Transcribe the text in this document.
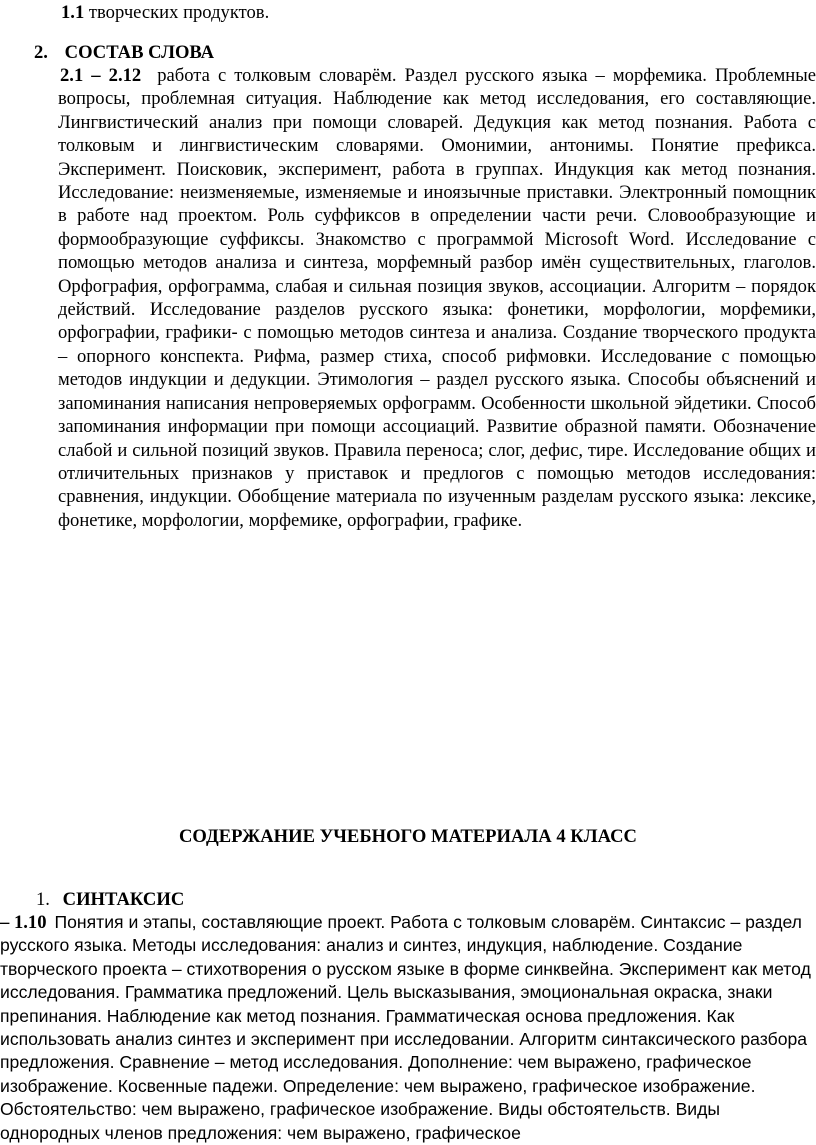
1.1 творческих продуктов.
2. СОСТАВ СЛОВА
2.1 – 2.12 работа с толковым словарём. Раздел русского языка – морфемика. Проблемные вопросы, проблемная ситуация. Наблюдение как метод исследования, его составляющие. Лингвистический анализ при помощи словарей. Дедукция как метод познания. Работа с толковым и лингвистическим словарями. Омонимии, антонимы. Понятие префикса. Эксперимент. Поисковик, эксперимент, работа в группах. Индукция как метод познания. Исследование: неизменяемые, изменяемые и иноязычные приставки. Электронный помощник в работе над проектом. Роль суффиксов в определении части речи. Словообразующие и формообразующие суффиксы. Знакомство с программой Microsoft Word. Исследование с помощью методов анализа и синтеза, морфемный разбор имён существительных, глаголов. Орфография, орфограмма, слабая и сильная позиция звуков, ассоциации. Алгоритм – порядок действий. Исследование разделов русского языка: фонетики, морфологии, морфемики, орфографии, графики- с помощью методов синтеза и анализа. Создание творческого продукта – опорного конспекта. Рифма, размер стиха, способ рифмовки. Исследование с помощью методов индукции и дедукции. Этимология – раздел русского языка. Способы объяснений и запоминания написания непроверяемых орфограмм. Особенности школьной эйдетики. Способ запоминания информации при помощи ассоциаций. Развитие образной памяти. Обозначение слабой и сильной позиций звуков. Правила переноса; слог, дефис, тире. Исследование общих и отличительных признаков у приставок и предлогов с помощью методов исследования: сравнения, индукции. Обобщение материала по изученным разделам русского языка: лексике, фонетике, морфологии, морфемике, орфографии, графике.
СОДЕРЖАНИЕ УЧЕБНОГО МАТЕРИАЛА 4 КЛАСС
1. СИНТАКСИС
– 1.10 Понятия и этапы, составляющие проект. Работа с толковым словарём. Синтаксис – раздел русского языка. Методы исследования: анализ и синтез, индукция, наблюдение. Создание творческого проекта – стихотворения о русском языке в форме синквейна. Эксперимент как метод исследования. Грамматика предложений. Цель высказывания, эмоциональная окраска, знаки препинания. Наблюдение как метод познания. Грамматическая основа предложения. Как использовать анализ синтез и эксперимент при исследовании. Алгоритм синтаксического разбора предложения. Сравнение – метод исследования. Дополнение: чем выражено, графическое изображение. Косвенные падежи. Определение: чем выражено, графическое изображение. Обстоятельство: чем выражено, графическое изображение. Виды обстоятельств. Виды однородных членов предложения: чем выражено, графическое
